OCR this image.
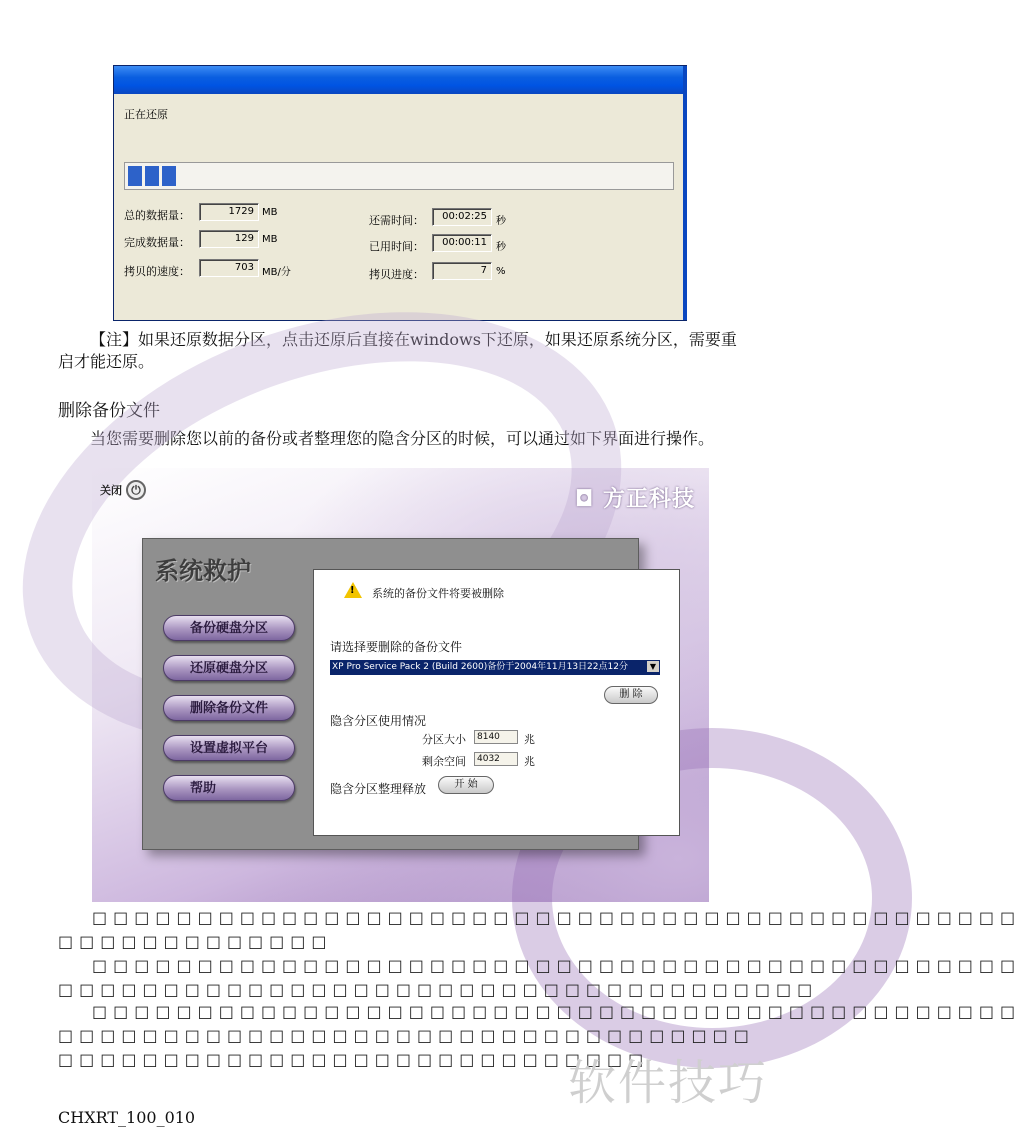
正在还原
总的数据量：	1729 MB
完成数据量：	129 MB
拷贝的速度：	703 MB/分
还需时间：	00:02:25 秒
已用时间：	00:00:11 秒
拷贝进度：	7 %
【注】如果还原数据分区，点击还原后直接在windows下还原，如果还原系统分区，需要重启才能还原。
删除备份文件
当您需要删除您以前的备份或者整理您的隐含分区的时候，可以通过如下界面进行操作。
关闭 ⏻	◘ 方正科技
系统救护
备份硬盘分区
还原硬盘分区
删除备份文件
设置虚拟平台
帮助
! 系统的备份文件将要被删除
请选择要删除的备份文件
XP Pro Service Pack 2 (Build 2600)备份于2004年11月13日22点12分	▼
删 除
隐含分区使用情况
分区大小	8140	兆
剩余空间	4032	兆
隐含分区整理释放	开 始
□□□□□□□□□□□□□□□□□□□□□□□□□□□□□□□□□□□□□□□□□□□□
□□□□□□□□□□□□□
□□□□□□□□□□□□□□□□□□□□□□□□□□□□□□□□□□□□□□□□□□□□
□□□□□□□□□□□□□□□□□□□□□□□□□□□□□□□□□□□□
□□□□□□□□□□□□□□□□□□□□□□□□□□□□□□□□□□□□□□□□□□□□
□□□□□□□□□□□□□□□□□□□□□□□□□□□□□□□□□
□□□□□□□□□□□□□□□□□□□□□□□□□□□□
软件技巧
CHXRT_100_010
